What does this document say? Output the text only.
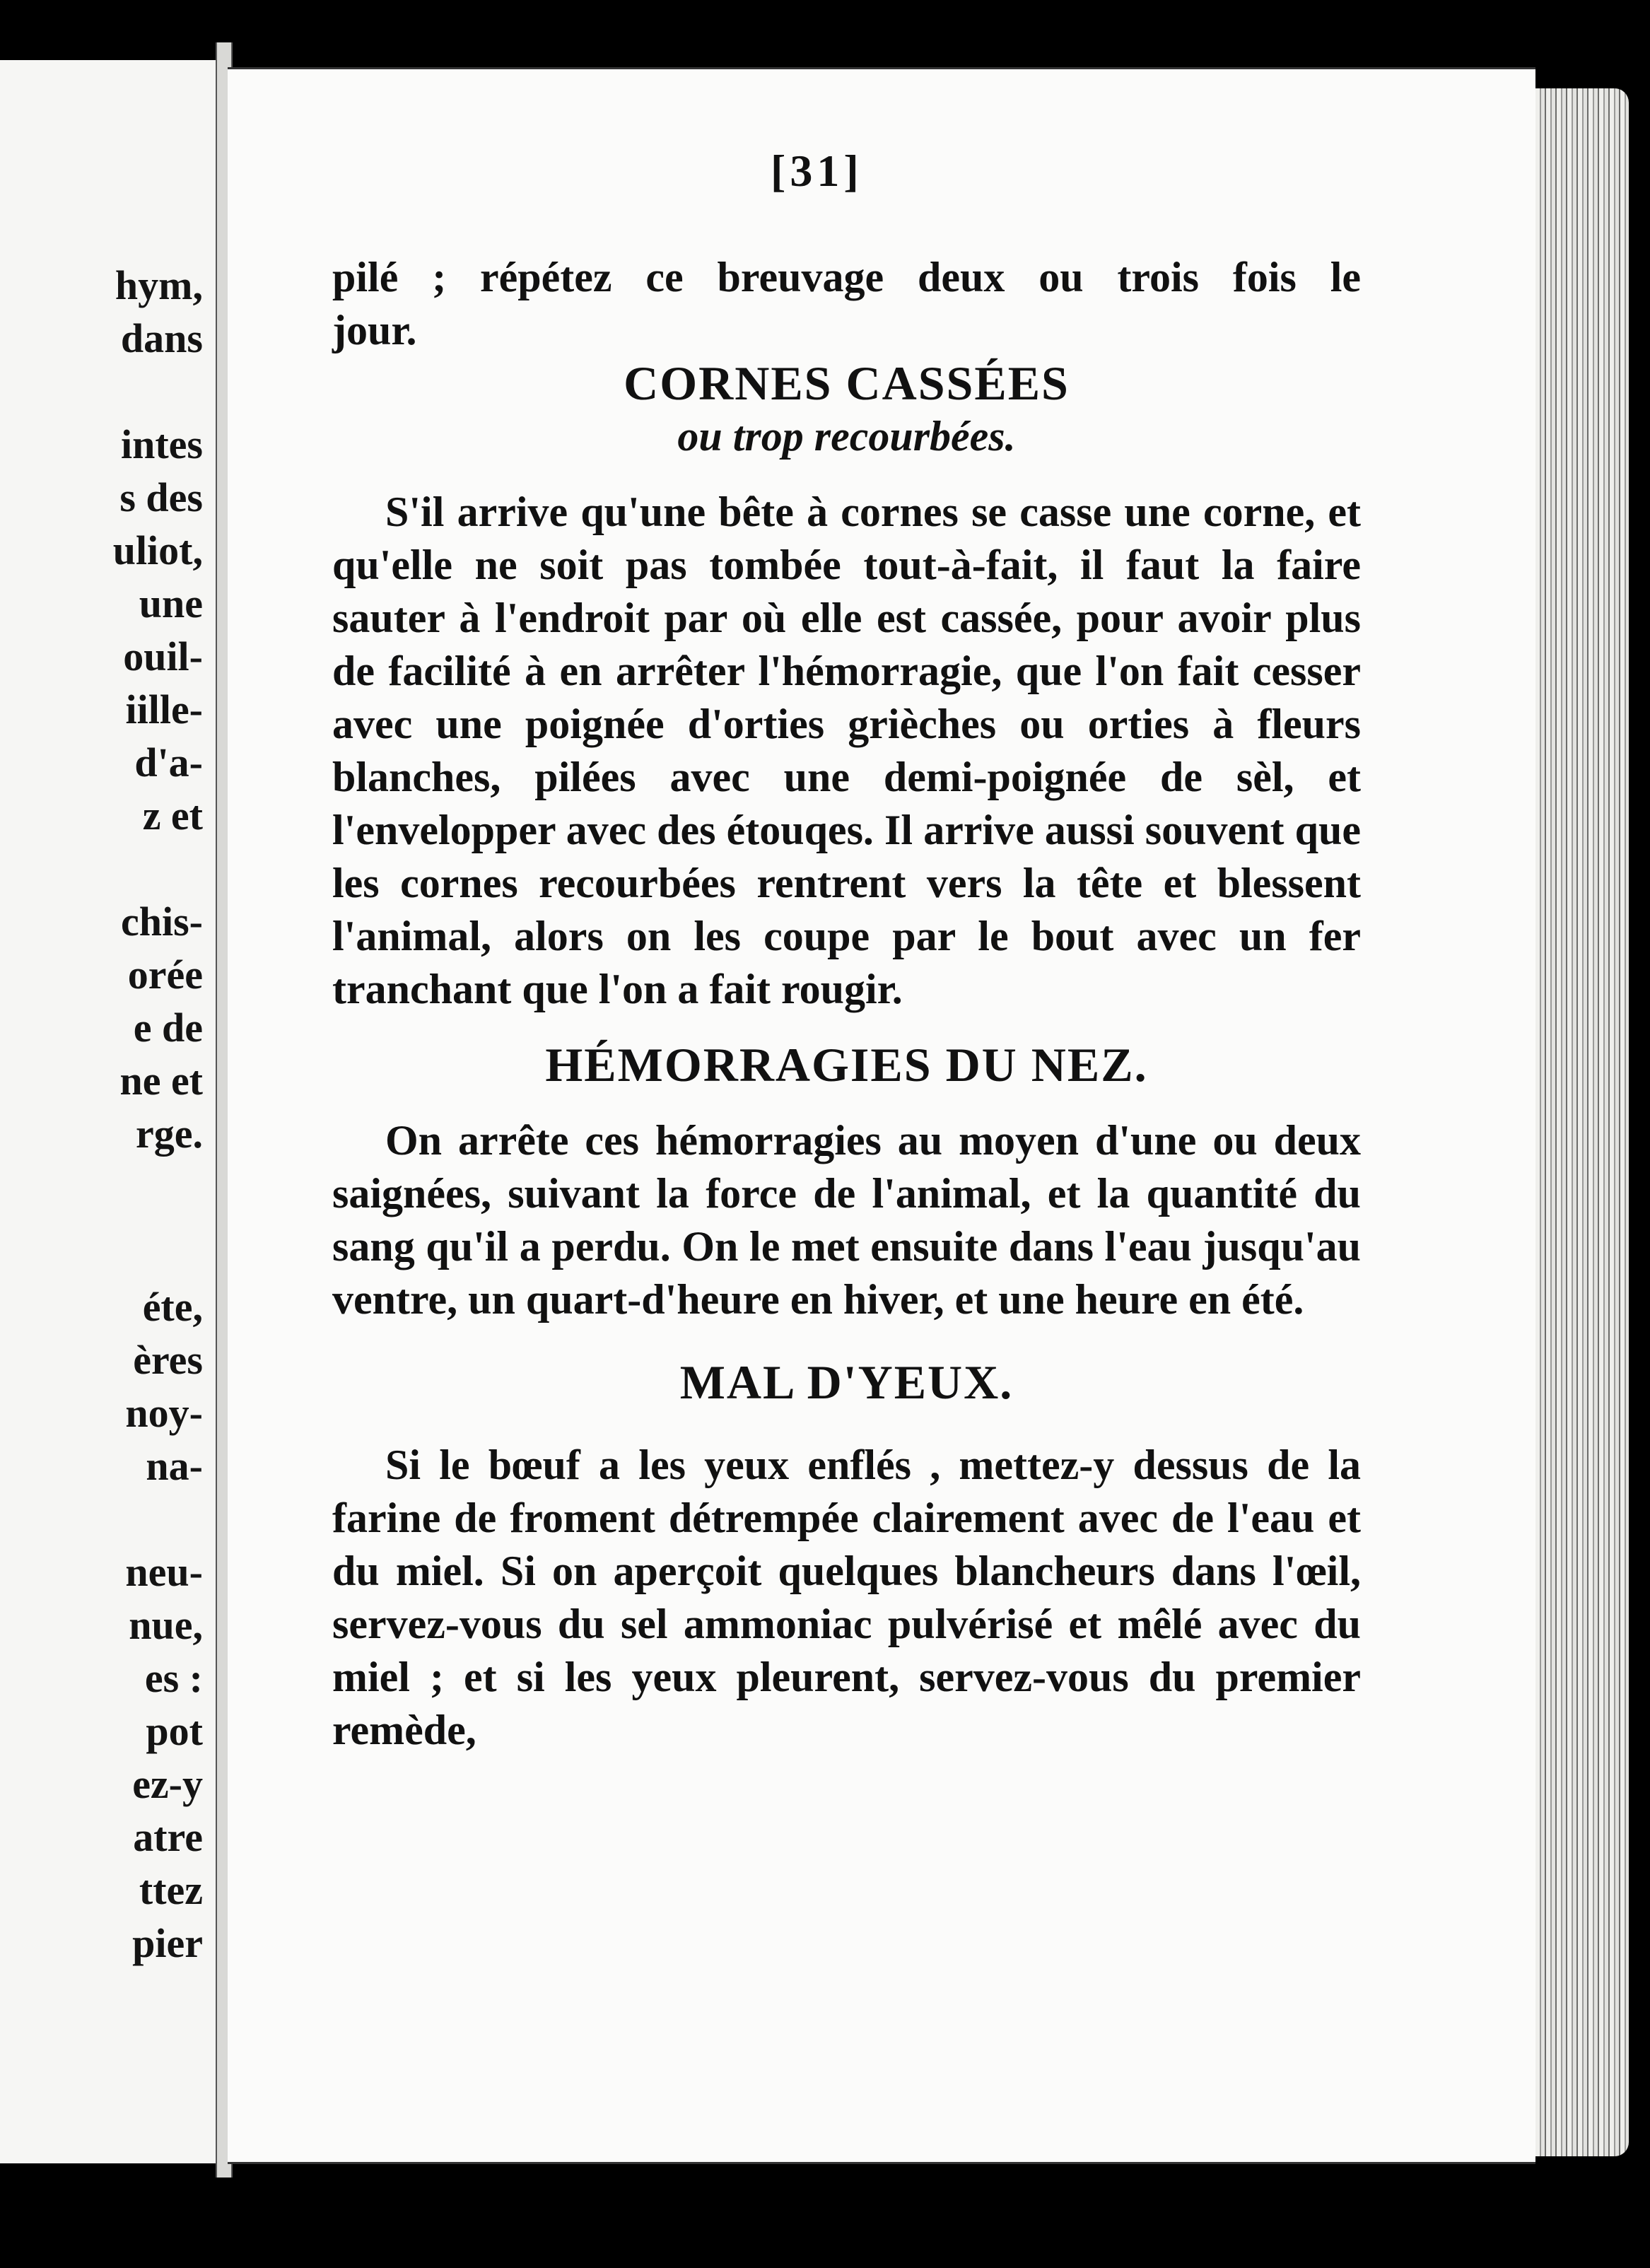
hym,
dans
intes
s des
uliot,
une
ouil-
iille-
d'a-
z et
chis-
orée
e de
ne et
rge.
éte,
ères
noy-
na-
neu-
nue,
es :
pot
ez-y
atre
ttez
pier
[31]

pilé ; répétez ce breuvage deux ou trois fois le

jour.

CORNES CASSÉES
ou trop recourbées.

S'il arrive qu'une bête à cornes se casse une corne, et qu'elle ne soit pas tombée tout-à-fait, il faut la faire sauter à l'endroit par où elle est cassée, pour avoir plus de facilité à en arrêter l'hémorragie, que l'on fait cesser avec une poignée d'orties grièches ou orties à fleurs blanches, pilées avec une demi-poignée de sèl, et l'envelopper avec des étouqes. Il arrive aussi souvent que les cornes recourbées rentrent vers la tête et blessent l'animal, alors on les coupe par le bout avec un fer tranchant que l'on a fait rougir.

HÉMORRAGIES DU NEZ.

On arrête ces hémorragies au moyen d'une ou deux saignées, suivant la force de l'animal, et la quantité du sang qu'il a perdu. On le met ensuite dans l'eau jusqu'au ventre, un quart-d'heure en hiver, et une heure en été.

MAL D'YEUX.

Si le bœuf a les yeux enflés , mettez-y dessus de la farine de froment détrempée clairement avec de l'eau et du miel. Si on aperçoit quelques blancheurs dans l'œil, servez-vous du sel ammoniac pulvérisé et mêlé avec du miel ; et si les yeux pleurent, servez-vous du premier remède,
